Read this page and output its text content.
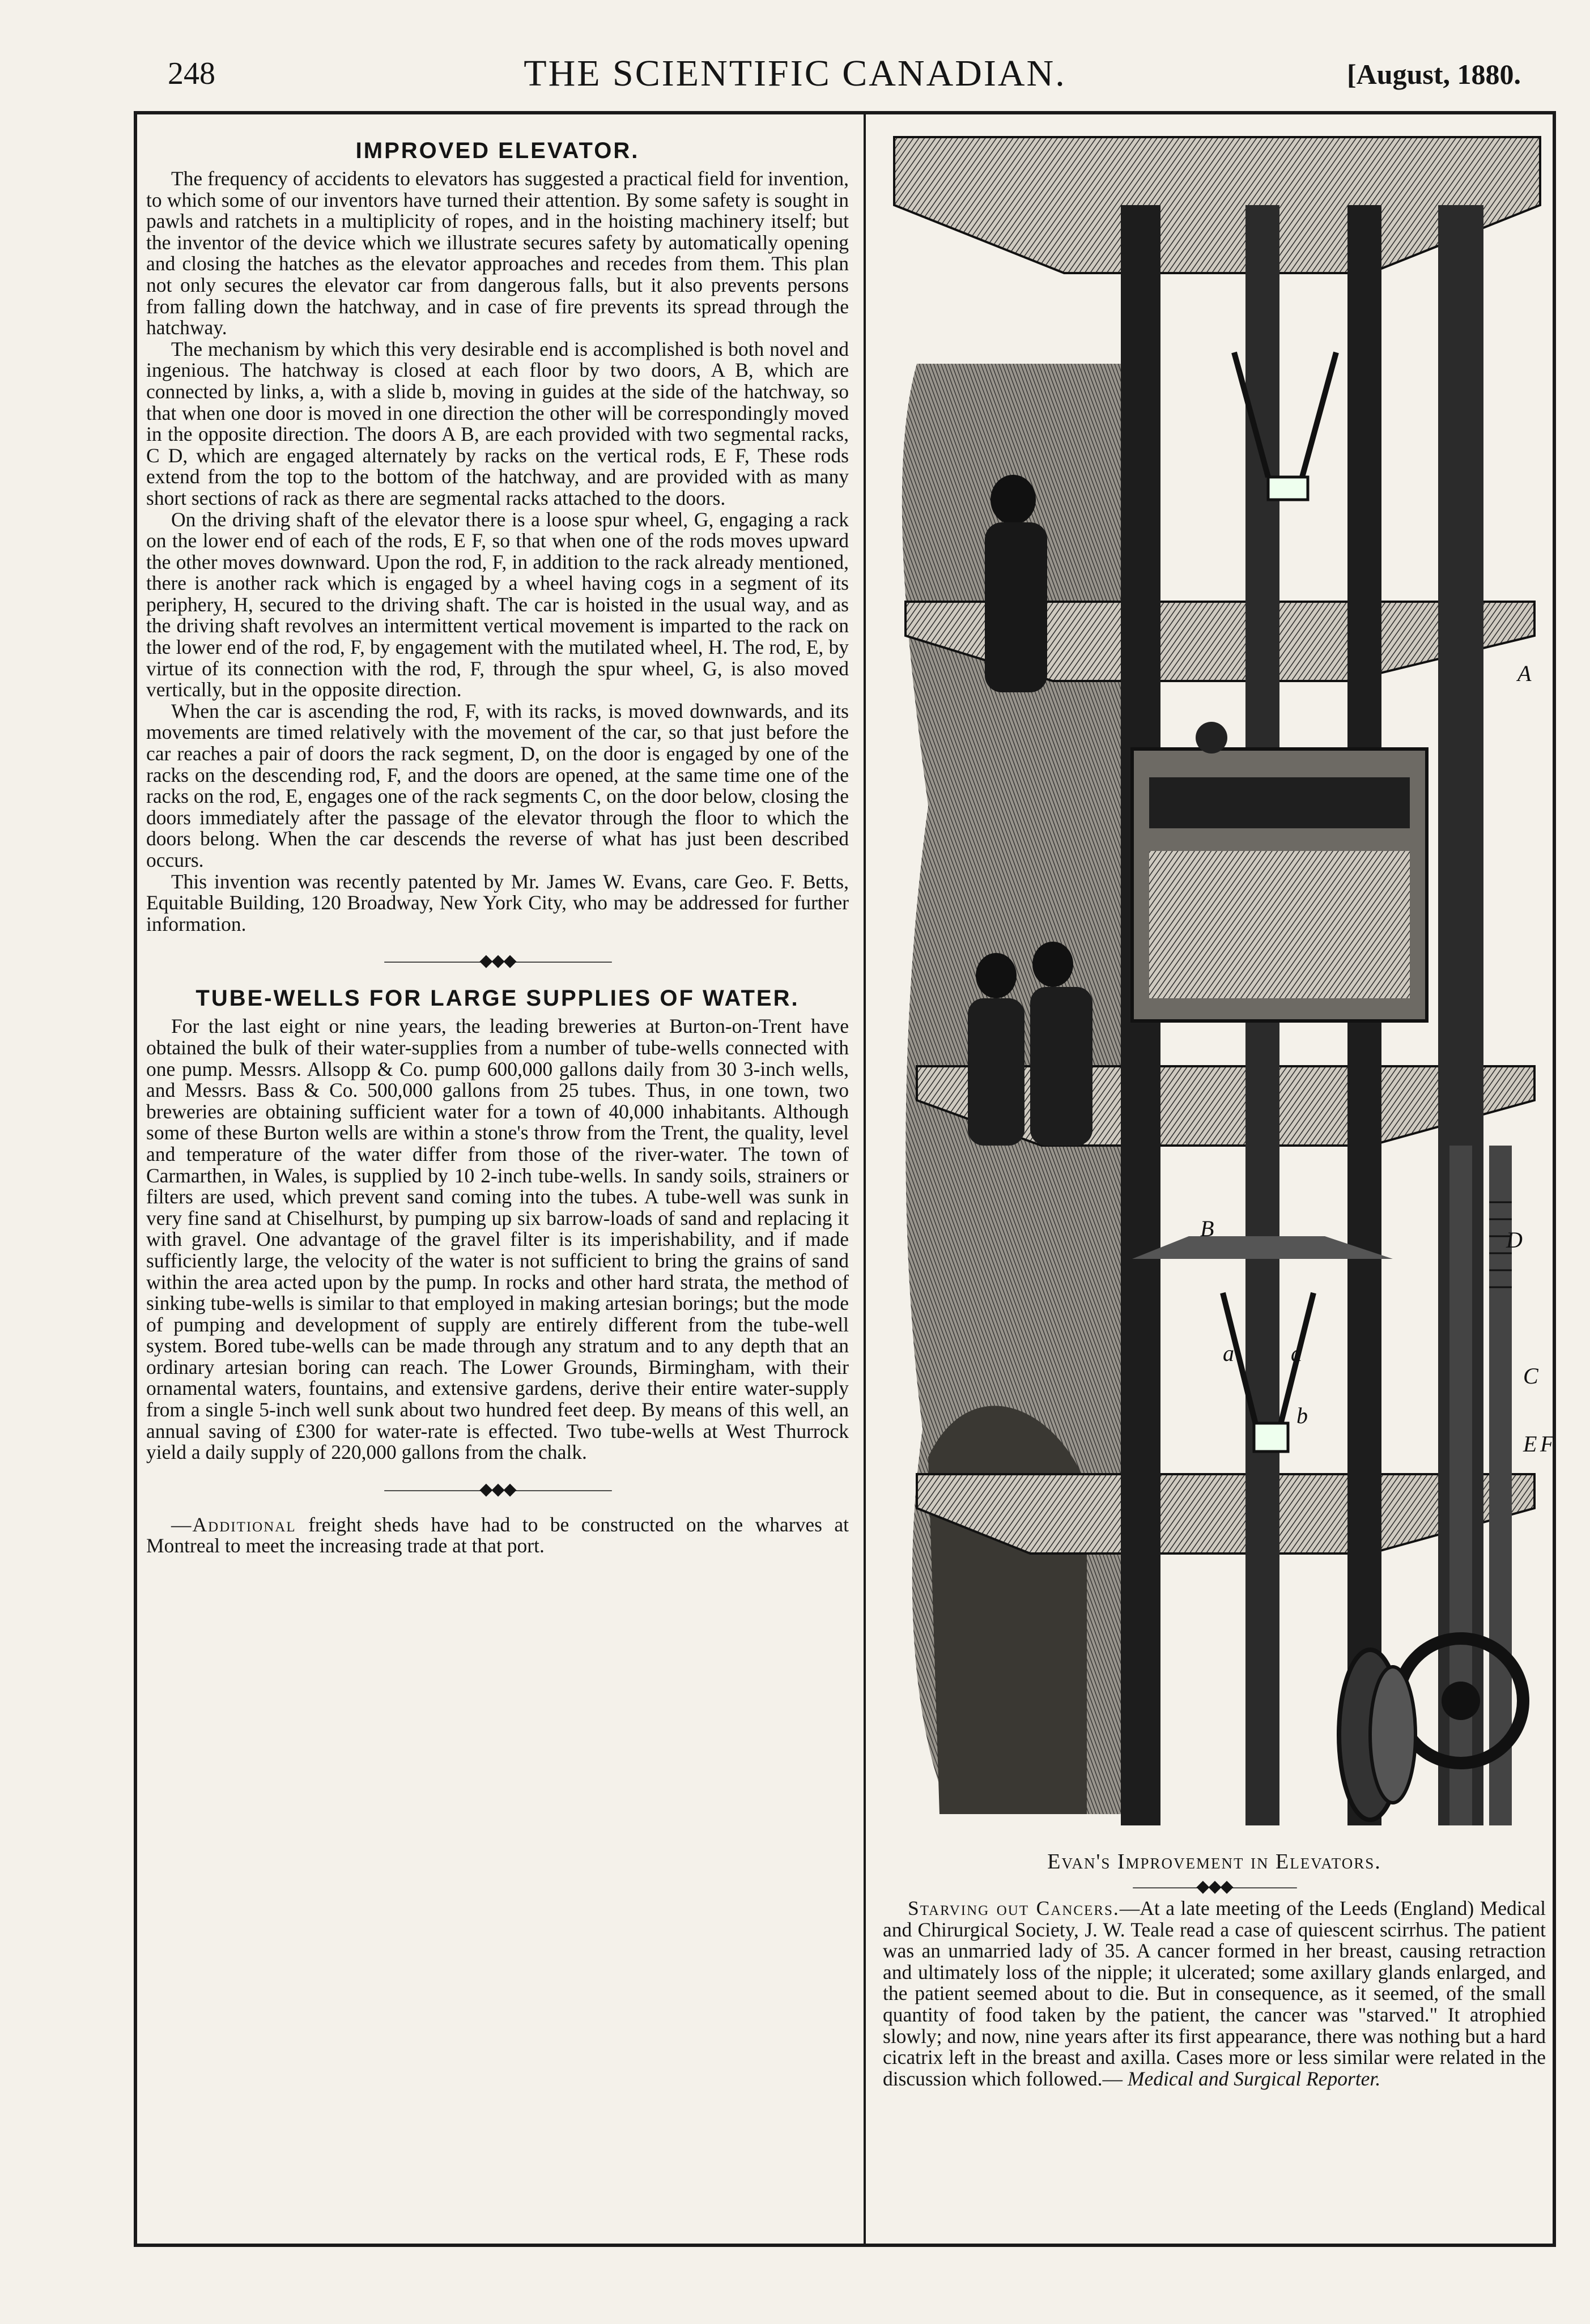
248	THE SCIENTIFIC CANADIAN.	[August, 1880.
IMPROVED ELEVATOR.

The frequency of accidents to elevators has suggested a practical field for invention, to which some of our inventors have turned their attention. By some safety is sought in pawls and ratchets in a multiplicity of ropes, and in the hoisting machinery itself; but the inventor of the device which we illustrate secures safety by automatically opening and closing the hatches as the elevator approaches and recedes from them. This plan not only secures the elevator car from dangerous falls, but it also prevents persons from falling down the hatchway, and in case of fire prevents its spread through the hatchway.

The mechanism by which this very desirable end is accomplished is both novel and ingenious. The hatchway is closed at each floor by two doors, A B, which are connected by links, a, with a slide b, moving in guides at the side of the hatchway, so that when one door is moved in one direction the other will be correspondingly moved in the opposite direction. The doors A B, are each provided with two segmental racks, C D, which are engaged alternately by racks on the vertical rods, E F, These rods extend from the top to the bottom of the hatchway, and are provided with as many short sections of rack as there are segmental racks attached to the doors.

On the driving shaft of the elevator there is a loose spur wheel, G, engaging a rack on the lower end of each of the rods, E F, so that when one of the rods moves upward the other moves downward. Upon the rod, F, in addition to the rack already mentioned, there is another rack which is engaged by a wheel having cogs in a segment of its periphery, H, secured to the driving shaft. The car is hoisted in the usual way, and as the driving shaft revolves an intermittent vertical movement is imparted to the rack on the lower end of the rod, F, by engagement with the mutilated wheel, H. The rod, E, by virtue of its connection with the rod, F, through the spur wheel, G, is also moved vertically, but in the opposite direction.

When the car is ascending the rod, F, with its racks, is moved downwards, and its movements are timed relatively with the movement of the car, so that just before the car reaches a pair of doors the rack segment, D, on the door is engaged by one of the racks on the descending rod, F, and the doors are opened, at the same time one of the racks on the rod, E, engages one of the rack segments C, on the door below, closing the doors immediately after the passage of the elevator through the floor to which the doors belong. When the car descends the reverse of what has just been described occurs.

This invention was recently patented by Mr. James W. Evans, care Geo. F. Betts, Equitable Building, 120 Broadway, New York City, who may be addressed for further information.

——————◆◆◆——————
TUBE-WELLS FOR LARGE SUPPLIES OF WATER.

For the last eight or nine years, the leading breweries at Burton-on-Trent have obtained the bulk of their water-supplies from a number of tube-wells connected with one pump. Messrs. Allsopp & Co. pump 600,000 gallons daily from 30 3-inch wells, and Messrs. Bass & Co. 500,000 gallons from 25 tubes. Thus, in one town, two breweries are obtaining sufficient water for a town of 40,000 inhabitants. Although some of these Burton wells are within a stone's throw from the Trent, the quality, level and temperature of the water differ from those of the river-water. The town of Carmarthen, in Wales, is supplied by 10 2-inch tube-wells. In sandy soils, strainers or filters are used, which prevent sand coming into the tubes. A tube-well was sunk in very fine sand at Chiselhurst, by pumping up six barrow-loads of sand and replacing it with gravel. One advantage of the gravel filter is its imperishability, and if made sufficiently large, the velocity of the water is not sufficient to bring the grains of sand within the area acted upon by the pump. In rocks and other hard strata, the method of sinking tube-wells is similar to that employed in making artesian borings; but the mode of pumping and development of supply are entirely different from the tube-well system. Bored tube-wells can be made through any stratum and to any depth that an ordinary artesian boring can reach. The Lower Grounds, Birmingham, with their ornamental waters, fountains, and extensive gardens, derive their entire water-supply from a single 5-inch well sunk about two hundred feet deep. By means of this well, an annual saving of £300 for water-rate is effected. Two tube-wells at West Thurrock yield a daily supply of 220,000 gallons from the chalk.

——————◆◆◆——————

—Additional freight sheds have had to be constructed on the wharves at Montreal to meet the increasing trade at that port.

A
B	D
a	a
C
b
E F
Evan's Improvement in Elevators.
————◆◆◆————

Starving out Cancers.—At a late meeting of the Leeds (England) Medical and Chirurgical Society, J. W. Teale read a case of quiescent scirrhus. The patient was an unmarried lady of 35. A cancer formed in her breast, causing retraction and ultimately loss of the nipple; it ulcerated; some axillary glands enlarged, and the patient seemed about to die. But in consequence, as it seemed, of the small quantity of food taken by the patient, the cancer was "starved." It atrophied slowly; and now, nine years after its first appearance, there was nothing but a hard cicatrix left in the breast and axilla. Cases more or less similar were related in the discussion which followed.— Medical and Surgical Reporter.
